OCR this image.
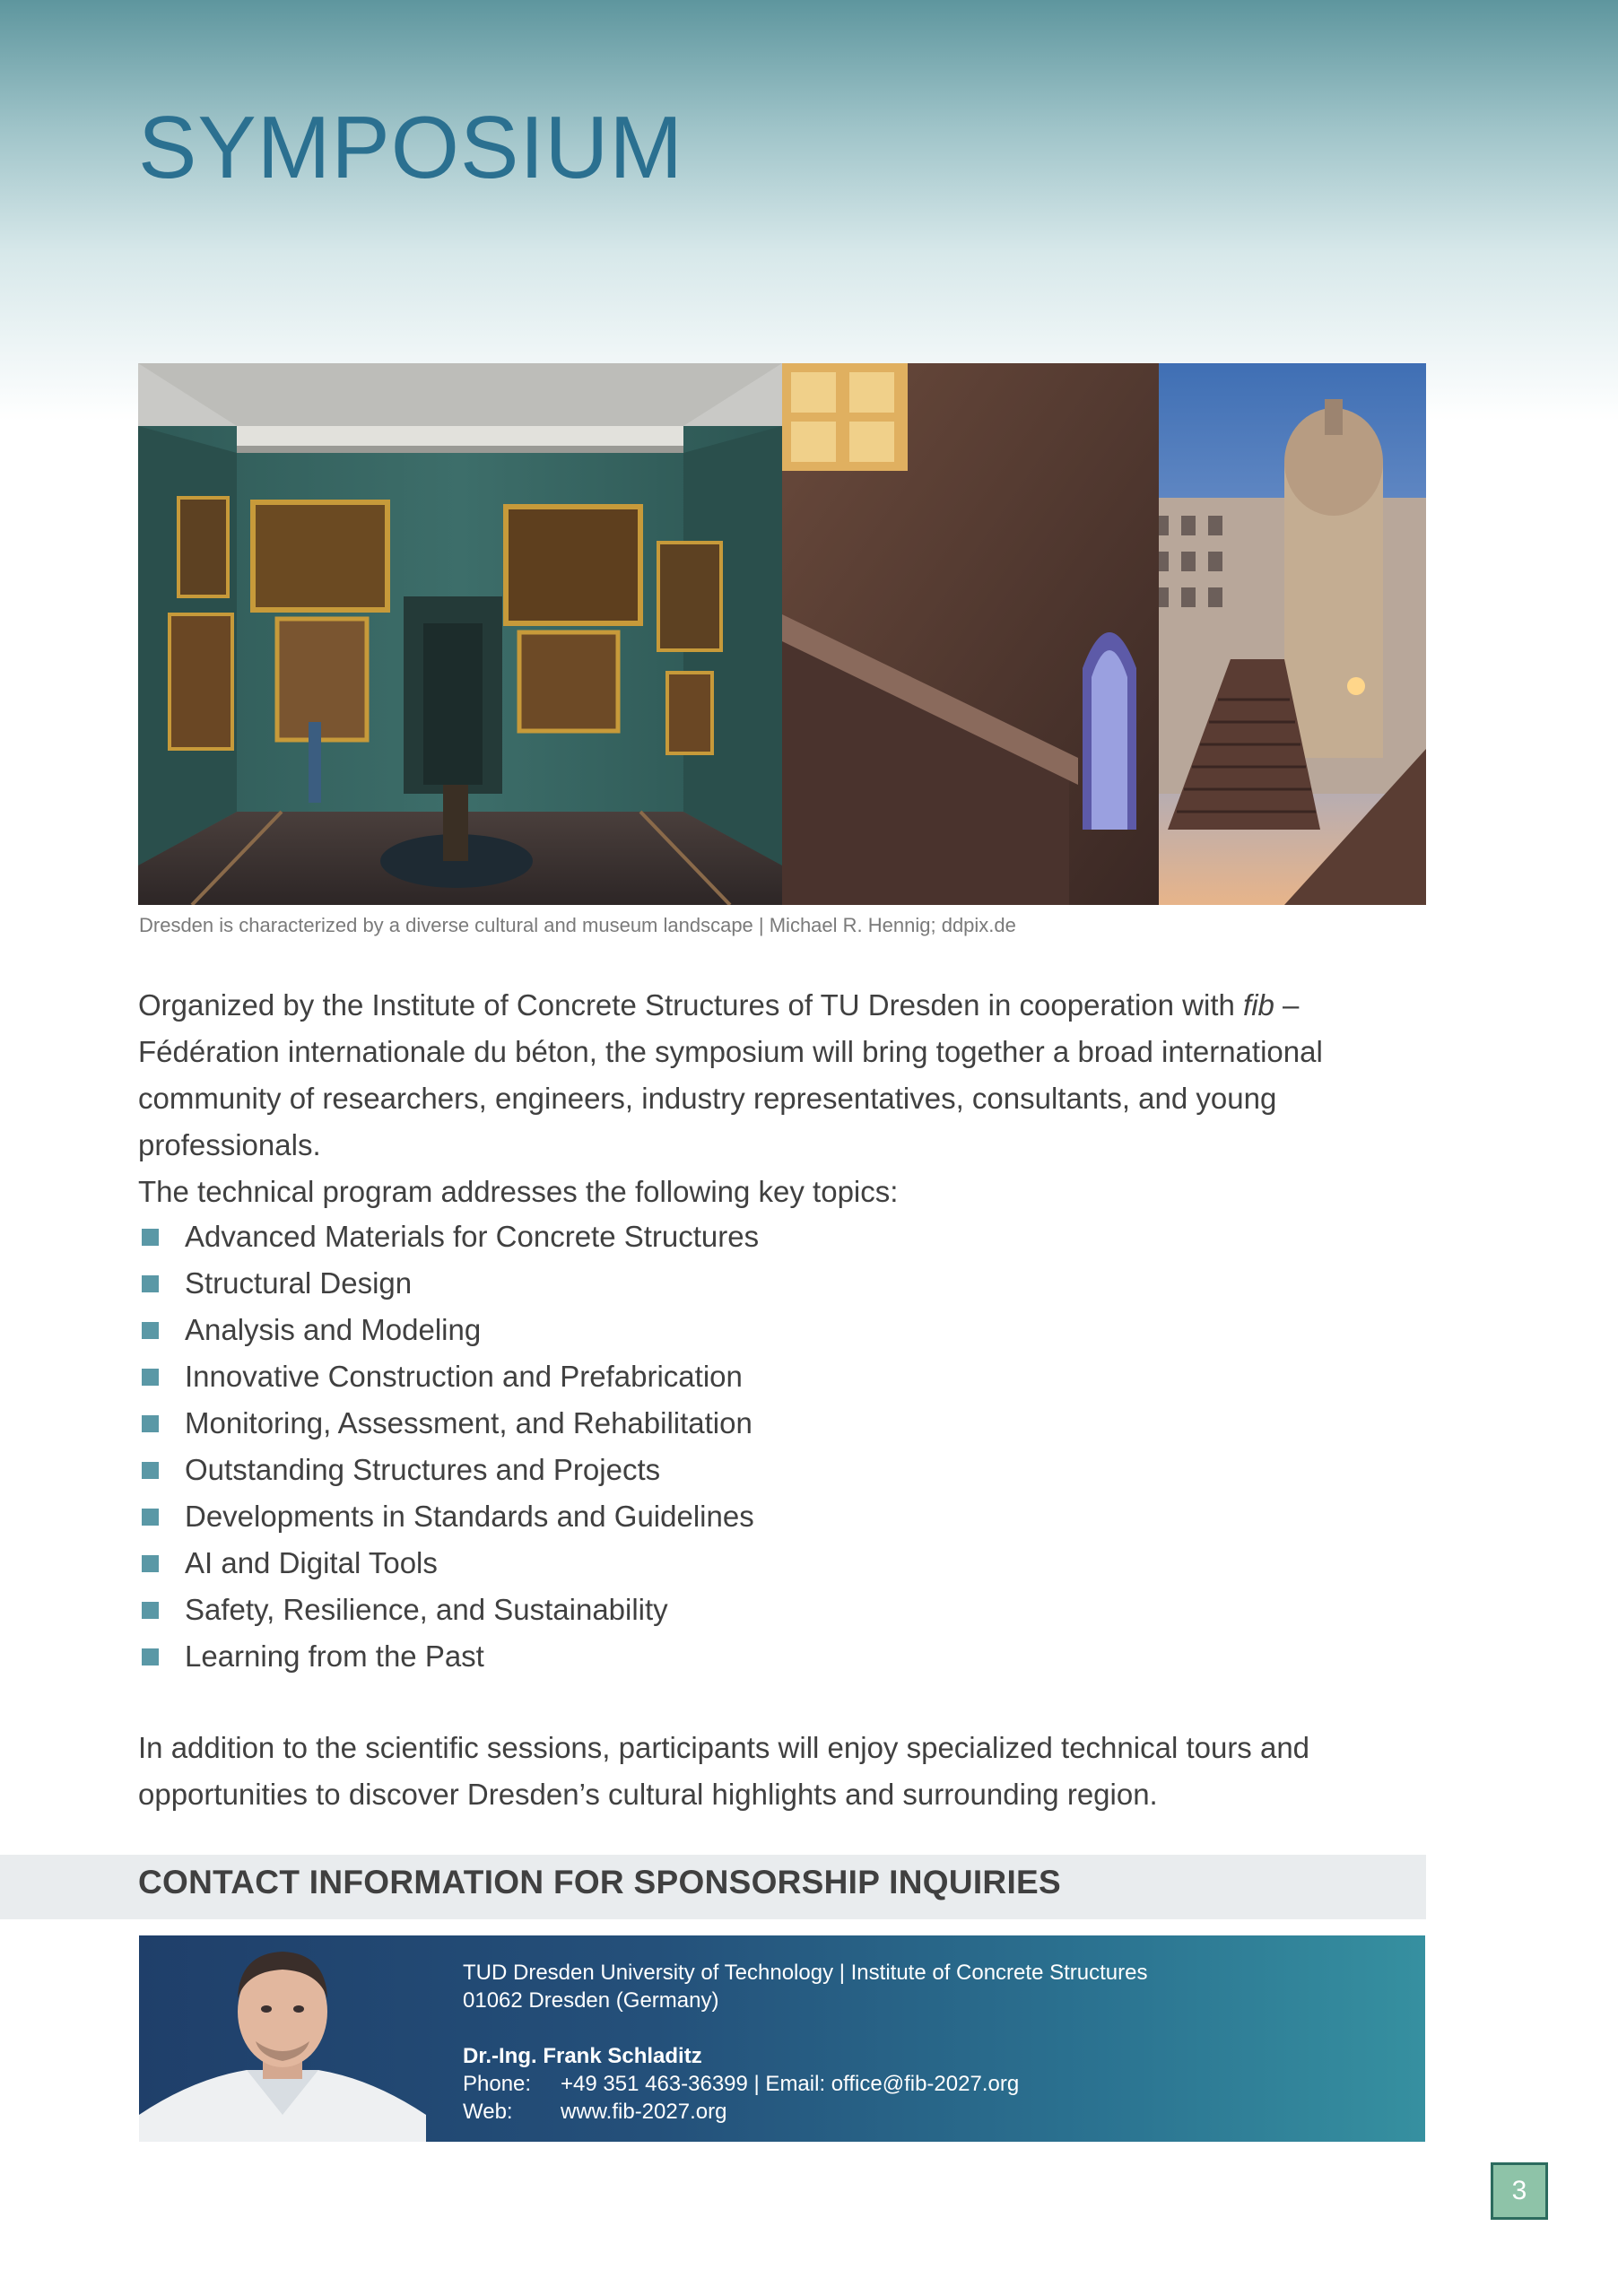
SYMPOSIUM

Dresden is characterized by a diverse cultural and museum landscape | Michael R. Hennig; ddpix.de

Organized by the Institute of Concrete Structures of TU Dresden in cooperation with fib – Fédération internationale du béton, the symposium will bring together a broad international community of researchers, engineers, industry representatives, consultants, and young professionals.
The technical program addresses the following key topics:

Advanced Materials for Concrete Structures
Structural Design
Analysis and Modeling
Innovative Construction and Prefabrication
Monitoring, Assessment, and Rehabilitation
Outstanding Structures and Projects
Developments in Standards and Guidelines
AI and Digital Tools
Safety, Resilience, and Sustainability
Learning from the Past

In addition to the scientific sessions, participants will enjoy specialized technical tours and opportunities to discover Dresden’s cultural highlights and surrounding region.

CONTACT INFORMATION FOR SPONSORSHIP INQUIRIES
TUD Dresden University of Technology | Institute of Concrete Structures
01062 Dresden (Germany)
Dr.-Ing. Frank Schladitz
Phone: +49 351 463-36399 | Email: office@fib-2027.org
Web: www.fib-2027.org
3
